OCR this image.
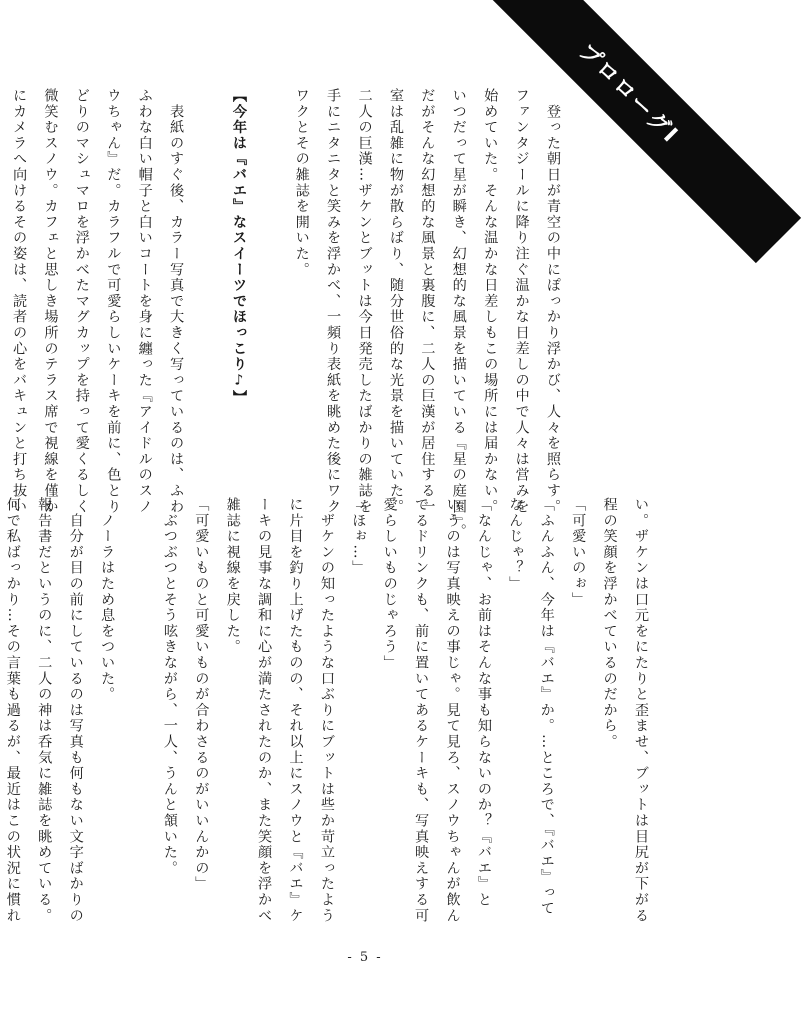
プロローグⅠ
　登った朝日が青空の中にぽっかり浮かび、人々を照らす。
ファンタジールに降り注ぐ温かな日差しの中で人々は営みを
始めていた。そんな温かな日差しもこの場所には届かない。
いつだって星が瞬き、幻想的な風景を描いている『星の庭園』。
だがそんな幻想的な風景と裏腹に、二人の巨漢が居住する一
室は乱雑に物が散らばり、随分世俗的な光景を描いていた。
二人の巨漢…ザケンとブットは今日発売したばかりの雑誌を
手にニタニタと笑みを浮かべ、一頻り表紙を眺めた後にワク
ワクとその雑誌を開いた。

【今年は『バエ』なスイーツでほっこり♪】

　表紙のすぐ後、カラー写真で大きく写っているのは、ふわ
ふわな白い帽子と白いコートを身に纏った『アイドルのスノ
ウちゃん』だ。カラフルで可愛らしいケーキを前に、色とり
どりのマシュマロを浮かべたマグカップを持って愛くるしく
微笑むスノウ。カフェと思しき場所のテラス席で視線を僅か
にカメラへ向けるその姿は、読者の心をバキュンと打ち抜い
い。ザケンは口元をにたりと歪ませ、ブットは目尻が下がる
程の笑顔を浮かべているのだから。
「可愛いのぉ」
「ふんふん、今年は『バエ』か。…ところで、『バエ』って
なんじゃ？」
「なんじゃ、お前はそんな事も知らないのか？『バエ』と
いうのは写真映えの事じゃ。見て見ろ、スノウちゃんが飲ん
でるドリンクも、前に置いてあるケーキも、写真映えする可
愛らしいものじゃろう」
「ほぉ…」
　ザケンの知ったような口ぶりにブットは些か苛立ったよう
に片目を釣り上げたものの、それ以上にスノウと『バエ』ケ
ーキの見事な調和に心が満たされたのか、また笑顔を浮かべ
雑誌に視線を戻した。
「可愛いものと可愛いものが合わさるのがいいんかの」
　ぶつぶつとそう呟きながら、一人、うんと頷いた。

　ノーラはため息をついた。
　自分が目の前にしているのは写真も何もない文字ばかりの
報告書だというのに、二人の神は呑気に雑誌を眺めている。
何で私ばっかり…その言葉も過るが、最近はこの状況に慣れ
- 5 -
